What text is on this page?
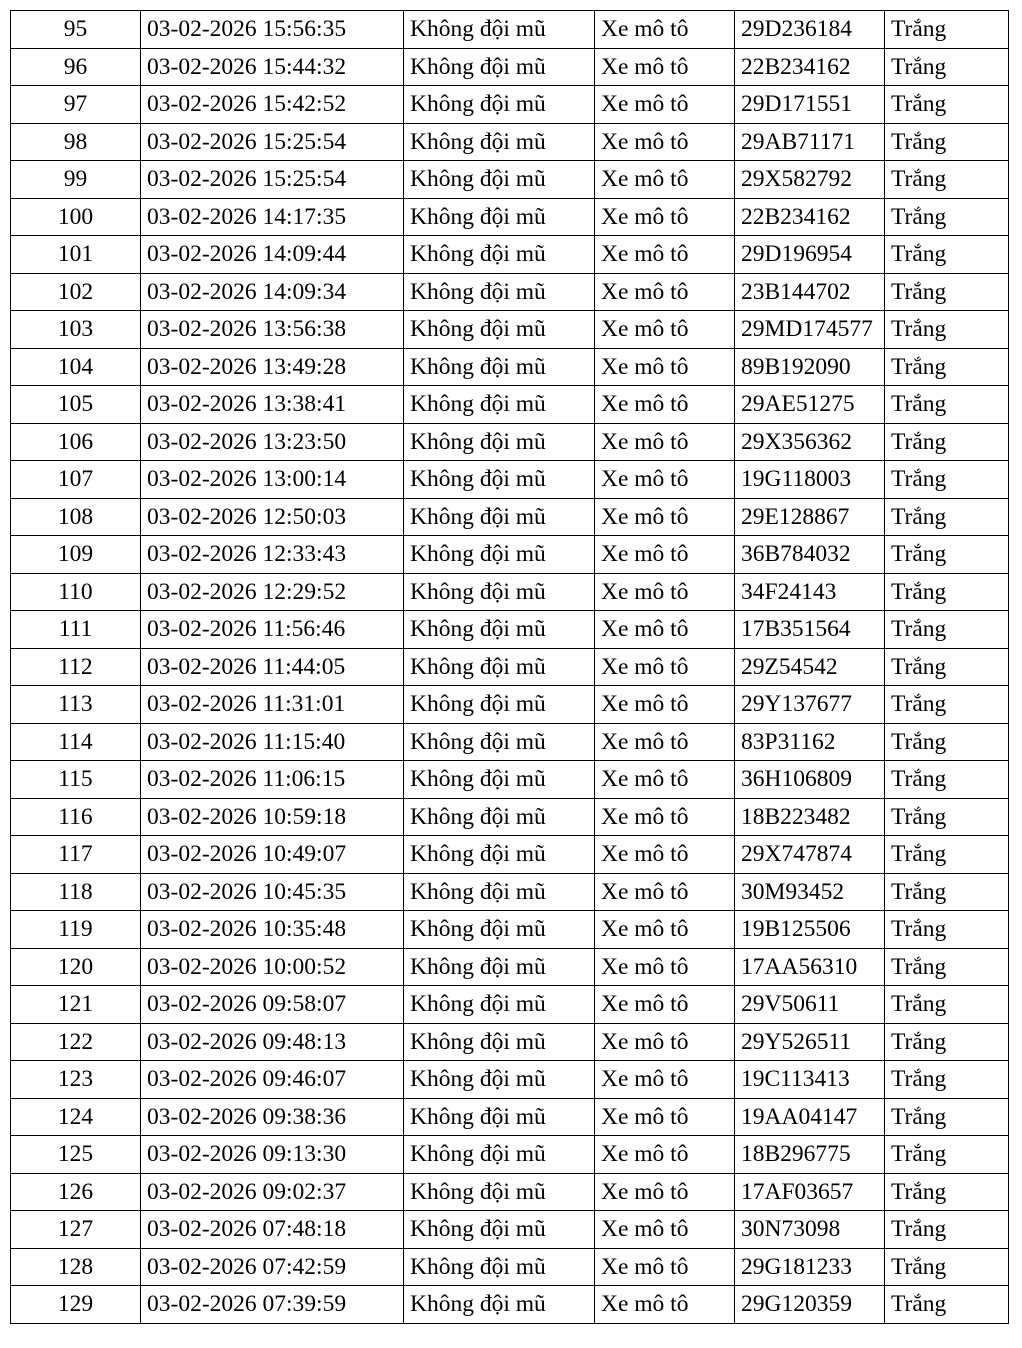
95	03-02-2026 15:56:35	Không đội mũ	Xe mô tô	29D236184	Trắng
96	03-02-2026 15:44:32	Không đội mũ	Xe mô tô	22B234162	Trắng
97	03-02-2026 15:42:52	Không đội mũ	Xe mô tô	29D171551	Trắng
98	03-02-2026 15:25:54	Không đội mũ	Xe mô tô	29AB71171	Trắng
99	03-02-2026 15:25:54	Không đội mũ	Xe mô tô	29X582792	Trắng
100	03-02-2026 14:17:35	Không đội mũ	Xe mô tô	22B234162	Trắng
101	03-02-2026 14:09:44	Không đội mũ	Xe mô tô	29D196954	Trắng
102	03-02-2026 14:09:34	Không đội mũ	Xe mô tô	23B144702	Trắng
103	03-02-2026 13:56:38	Không đội mũ	Xe mô tô	29MD174577	Trắng
104	03-02-2026 13:49:28	Không đội mũ	Xe mô tô	89B192090	Trắng
105	03-02-2026 13:38:41	Không đội mũ	Xe mô tô	29AE51275	Trắng
106	03-02-2026 13:23:50	Không đội mũ	Xe mô tô	29X356362	Trắng
107	03-02-2026 13:00:14	Không đội mũ	Xe mô tô	19G118003	Trắng
108	03-02-2026 12:50:03	Không đội mũ	Xe mô tô	29E128867	Trắng
109	03-02-2026 12:33:43	Không đội mũ	Xe mô tô	36B784032	Trắng
110	03-02-2026 12:29:52	Không đội mũ	Xe mô tô	34F24143	Trắng
111	03-02-2026 11:56:46	Không đội mũ	Xe mô tô	17B351564	Trắng
112	03-02-2026 11:44:05	Không đội mũ	Xe mô tô	29Z54542	Trắng
113	03-02-2026 11:31:01	Không đội mũ	Xe mô tô	29Y137677	Trắng
114	03-02-2026 11:15:40	Không đội mũ	Xe mô tô	83P31162	Trắng
115	03-02-2026 11:06:15	Không đội mũ	Xe mô tô	36H106809	Trắng
116	03-02-2026 10:59:18	Không đội mũ	Xe mô tô	18B223482	Trắng
117	03-02-2026 10:49:07	Không đội mũ	Xe mô tô	29X747874	Trắng
118	03-02-2026 10:45:35	Không đội mũ	Xe mô tô	30M93452	Trắng
119	03-02-2026 10:35:48	Không đội mũ	Xe mô tô	19B125506	Trắng
120	03-02-2026 10:00:52	Không đội mũ	Xe mô tô	17AA56310	Trắng
121	03-02-2026 09:58:07	Không đội mũ	Xe mô tô	29V50611	Trắng
122	03-02-2026 09:48:13	Không đội mũ	Xe mô tô	29Y526511	Trắng
123	03-02-2026 09:46:07	Không đội mũ	Xe mô tô	19C113413	Trắng
124	03-02-2026 09:38:36	Không đội mũ	Xe mô tô	19AA04147	Trắng
125	03-02-2026 09:13:30	Không đội mũ	Xe mô tô	18B296775	Trắng
126	03-02-2026 09:02:37	Không đội mũ	Xe mô tô	17AF03657	Trắng
127	03-02-2026 07:48:18	Không đội mũ	Xe mô tô	30N73098	Trắng
128	03-02-2026 07:42:59	Không đội mũ	Xe mô tô	29G181233	Trắng
129	03-02-2026 07:39:59	Không đội mũ	Xe mô tô	29G120359	Trắng
